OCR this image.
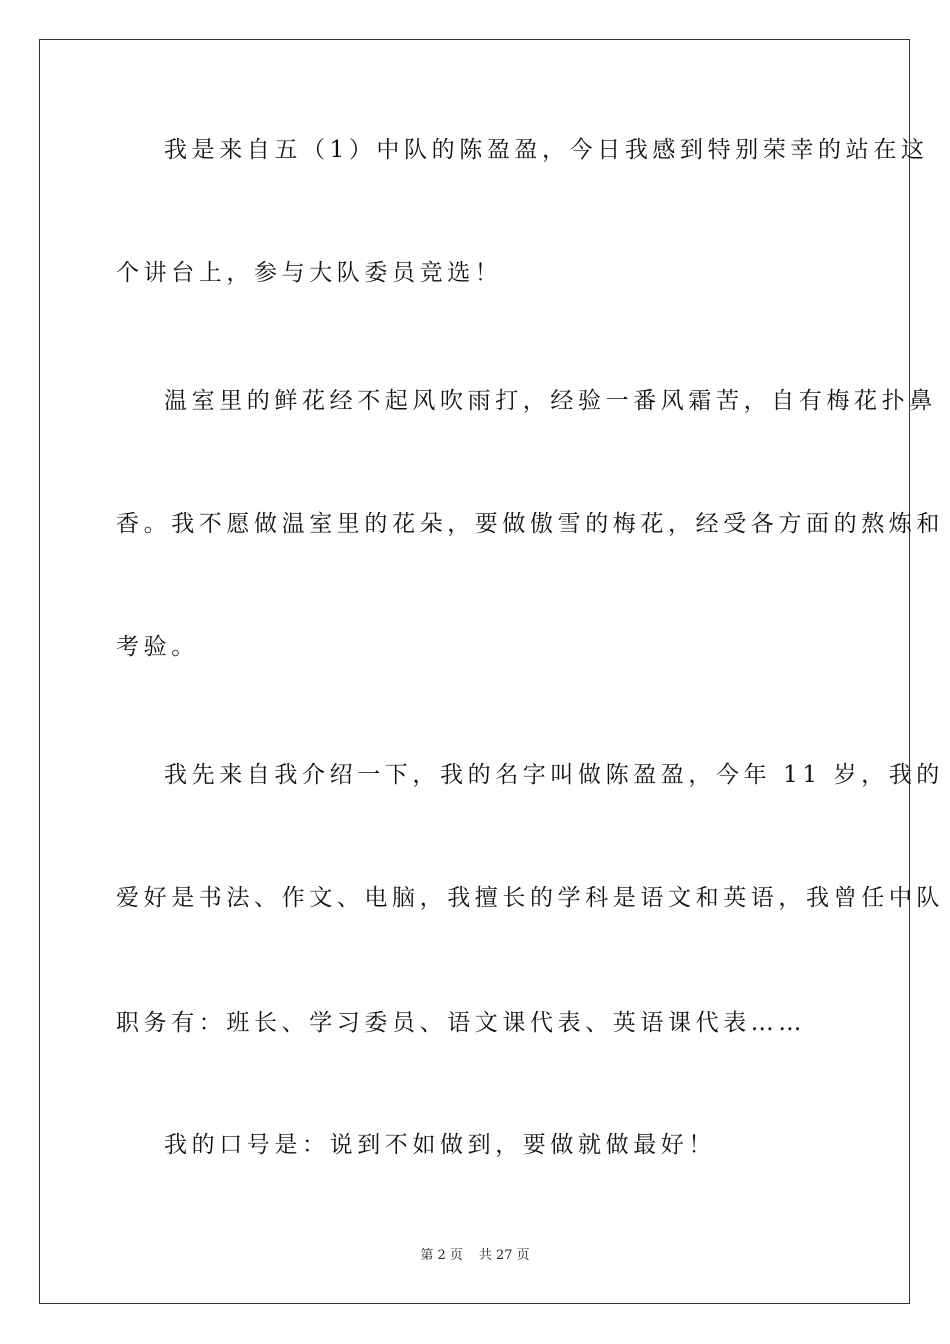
我是来自五（1）中队的陈盈盈，今日我感到特别荣幸的站在这
个讲台上，参与大队委员竞选！
温室里的鲜花经不起风吹雨打，经验一番风霜苦，自有梅花扑鼻
香。我不愿做温室里的花朵，要做傲雪的梅花，经受各方面的熬炼和
考验。
我先来自我介绍一下，我的名字叫做陈盈盈，今年 11 岁，我的
爱好是书法、作文、电脑，我擅长的学科是语文和英语，我曾任中队
职务有：班长、学习委员、语文课代表、英语课代表……
我的口号是：说到不如做到，要做就做最好！
第 2 页 共 27 页
